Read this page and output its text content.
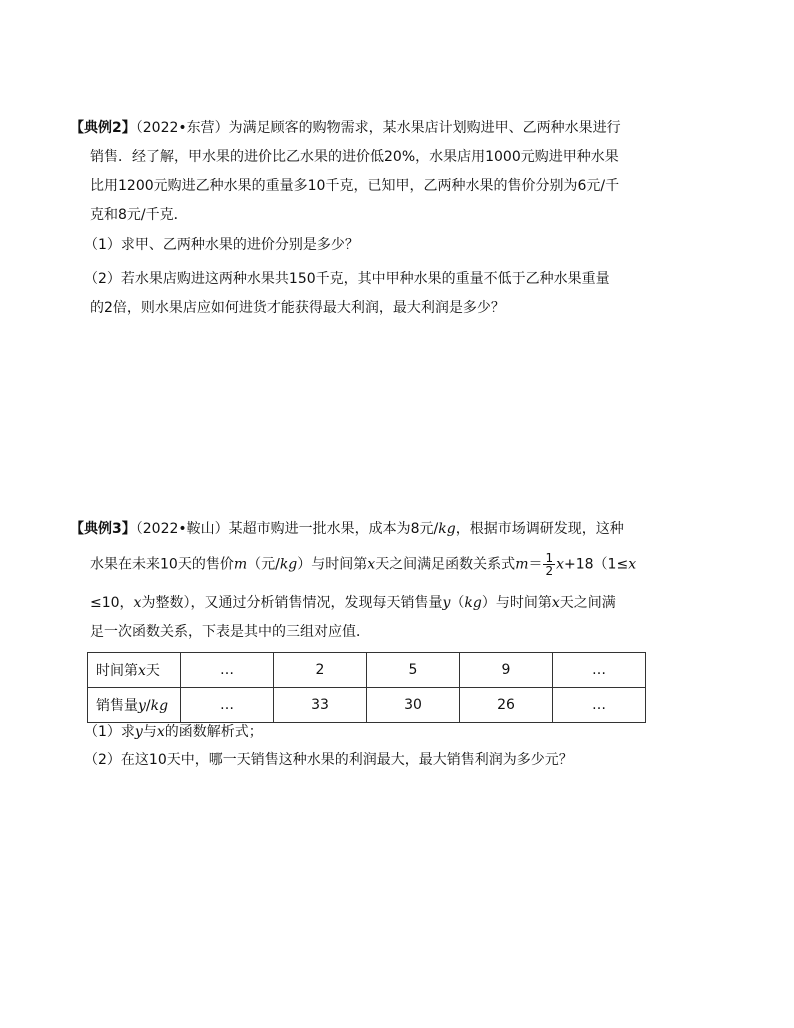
【典例2】（2022•东营）为满足顾客的购物需求，某水果店计划购进甲、乙两种水果进行
销售．经了解，甲水果的进价比乙水果的进价低20%，水果店用1000元购进甲种水果
比用1200元购进乙种水果的重量多10千克，已知甲，乙两种水果的售价分别为6元/千
克和8元/千克．
（1）求甲、乙两种水果的进价分别是多少？
（2）若水果店购进这两种水果共150千克，其中甲种水果的重量不低于乙种水果重量
的2倍，则水果店应如何进货才能获得最大利润，最大利润是多少？
【典例3】（2022•鞍山）某超市购进一批水果，成本为8元/kg，根据市场调研发现，这种
水果在未来10天的售价m（元/kg）与时间第x天之间满足函数关系式$m= \frac{1}{2} x+18(1\le x$
≤10，x为整数），又通过分析销售情况，发现每天销售量y（kg）与时间第x天之间满
足一次函数关系，下表是其中的三组对应值．
时间第x天	…	2	5	9	…
销售量y/kg	…	33	30	26	…
（1）求y与x的函数解析式；
（2）在这10天中，哪一天销售这种水果的利润最大，最大销售利润为多少元？
